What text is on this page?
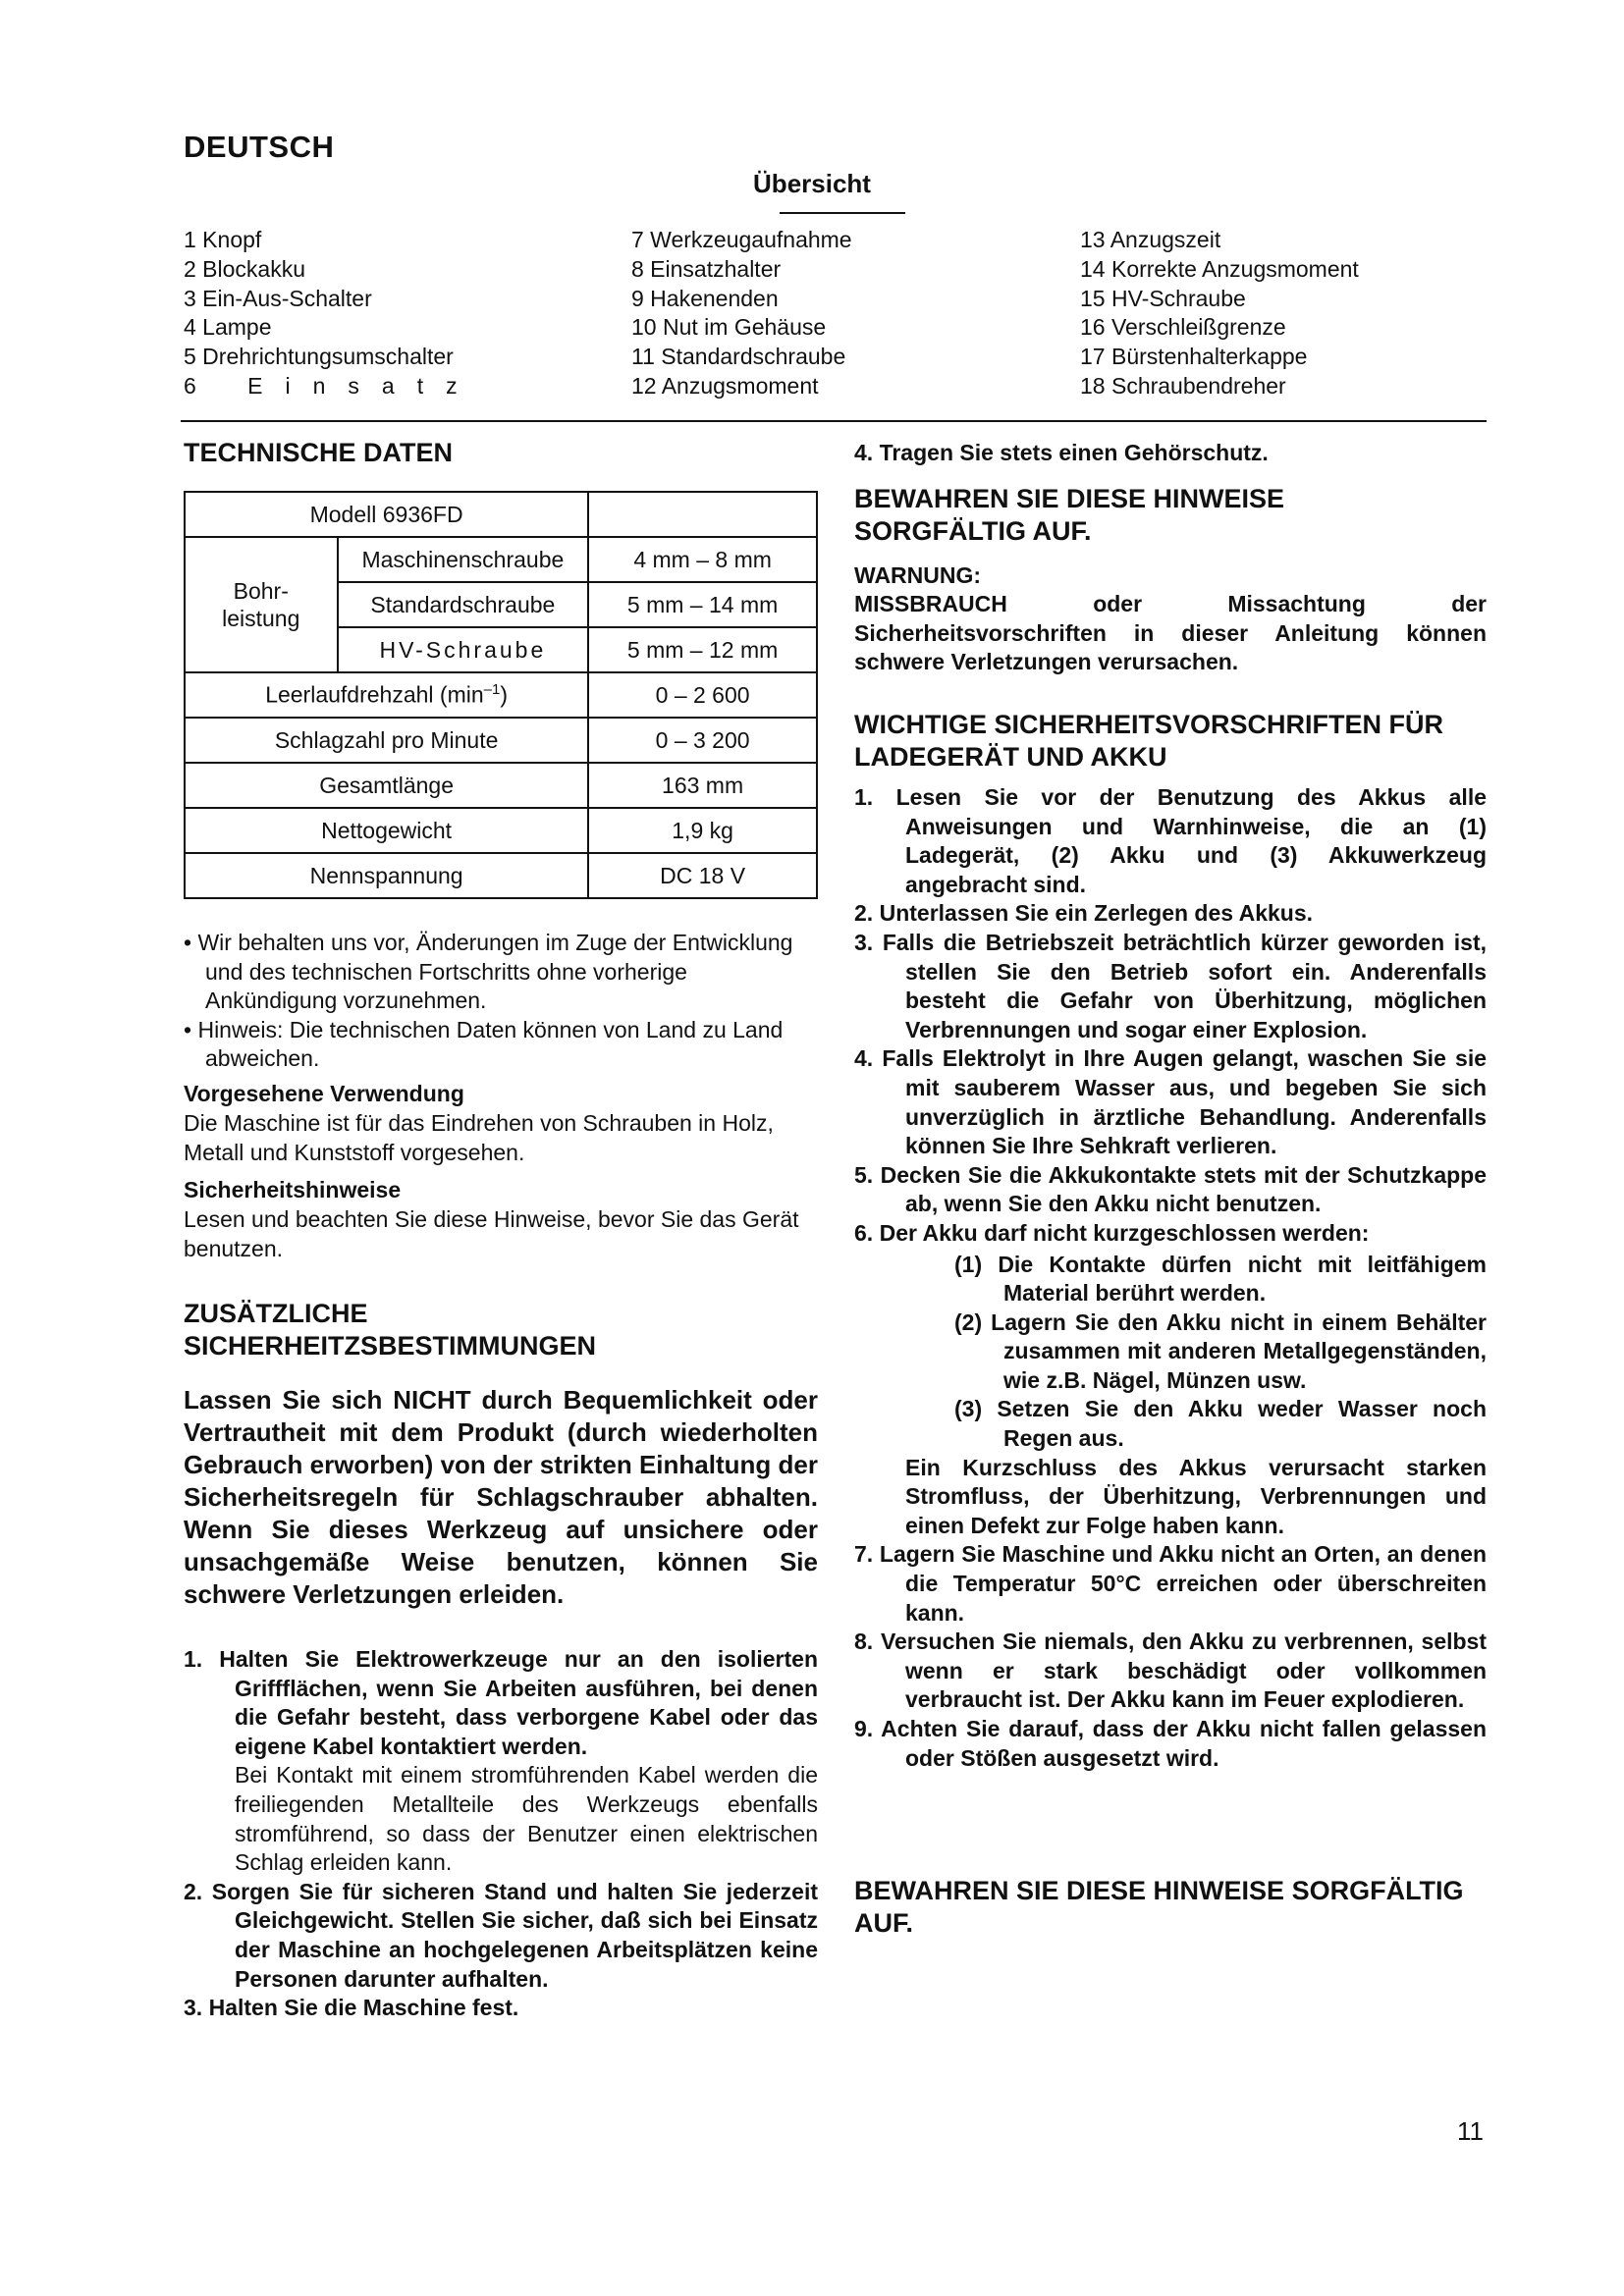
DEUTSCH
Übersicht
1 Knopf
2 Blockakku
3 Ein-Aus-Schalter
4 Lampe
5 Drehrichtungsumschalter
6 Einsatz
7 Werkzeugaufnahme
8 Einsatzhalter
9 Hakenenden
10 Nut im Gehäuse
11 Standardschraube
12 Anzugsmoment
13 Anzugszeit
14 Korrekte Anzugsmoment
15 HV-Schraube
16 Verschleißgrenze
17 Bürstenhalterkappe
18 Schraubendreher
TECHNISCHE DATEN
Modell 6936FD		
Bohr-
leistung	Maschinenschraube	4 mm – 8 mm
	Standardschraube	5 mm – 14 mm
	HV-Schraube	5 mm – 12 mm
Leerlaufdrehzahl $(\min^{-1})$		0 – 2 600
Schlagzahl pro Minute		0 – 3 200
Gesamtlänge		163 mm
Nettogewicht		1,9 kg
Nennspannung		DC 18 V
• Wir behalten uns vor, Änderungen im Zuge der Entwicklung und des technischen Fortschritts ohne vorherige Ankündigung vorzunehmen.
• Hinweis: Die technischen Daten können von Land zu Land abweichen.

Vorgesehene Verwendung

Die Maschine ist für das Eindrehen von Schrauben in Holz, Metall und Kunststoff vorgesehen.

Sicherheitshinweise

Lesen und beachten Sie diese Hinweise, bevor Sie das Gerät benutzen.

ZUSÄTZLICHE
SICHERHEITZSBESTIMMUNGEN

Lassen Sie sich NICHT durch Bequemlichkeit oder Vertrautheit mit dem Produkt (durch wiederholten Gebrauch erworben) von der strikten Einhaltung der Sicherheitsregeln für Schlagschrauber abhalten. Wenn Sie dieses Werkzeug auf unsichere oder unsachgemäße Weise benutzen, können Sie schwere Verletzungen erleiden.

1. Halten Sie Elektrowerkzeuge nur an den isolierten Griffflächen, wenn Sie Arbeiten ausführen, bei denen die Gefahr besteht, dass verborgene Kabel oder das eigene Kabel kontaktiert werden.
Bei Kontakt mit einem stromführenden Kabel werden die freiliegenden Metallteile des Werkzeugs ebenfalls stromführend, so dass der Benutzer einen elektrischen Schlag erleiden kann.
2. Sorgen Sie für sicheren Stand und halten Sie jederzeit Gleichgewicht. Stellen Sie sicher, daß sich bei Einsatz der Maschine an hochgelegenen Arbeitsplätzen keine Personen darunter aufhalten.
3. Halten Sie die Maschine fest.
4. Tragen Sie stets einen Gehörschutz.
BEWAHREN SIE DIESE HINWEISE SORGFÄLTIG AUF.

WARNUNG:

MISSBRAUCH oder Missachtung der Sicherheitsvorschriften in dieser Anleitung können schwere Verletzungen verursachen.

WICHTIGE SICHERHEITSVORSCHRIFTEN FÜR LADEGERÄT UND AKKU
1. Lesen Sie vor der Benutzung des Akkus alle Anweisungen und Warnhinweise, die an (1) Ladegerät, (2) Akku und (3) Akkuwerkzeug angebracht sind.
2. Unterlassen Sie ein Zerlegen des Akkus.
3. Falls die Betriebszeit beträchtlich kürzer geworden ist, stellen Sie den Betrieb sofort ein. Anderenfalls besteht die Gefahr von Überhitzung, möglichen Verbrennungen und sogar einer Explosion.
4. Falls Elektrolyt in Ihre Augen gelangt, waschen Sie sie mit sauberem Wasser aus, und begeben Sie sich unverzüglich in ärztliche Behandlung. Anderenfalls können Sie Ihre Sehkraft verlieren.
5. Decken Sie die Akkukontakte stets mit der Schutzkappe ab, wenn Sie den Akku nicht benutzen.
6. Der Akku darf nicht kurzgeschlossen werden:
(1) Die Kontakte dürfen nicht mit leitfähigem Material berührt werden.
(2) Lagern Sie den Akku nicht in einem Behälter zusammen mit anderen Metallgegenständen, wie z.B. Nägel, Münzen usw.
(3) Setzen Sie den Akku weder Wasser noch Regen aus.
Ein Kurzschluss des Akkus verursacht starken Stromfluss, der Überhitzung, Verbrennungen und einen Defekt zur Folge haben kann.
7. Lagern Sie Maschine und Akku nicht an Orten, an denen die Temperatur 50°C erreichen oder überschreiten kann.
8. Versuchen Sie niemals, den Akku zu verbrennen, selbst wenn er stark beschädigt oder vollkommen verbraucht ist. Der Akku kann im Feuer explodieren.
9. Achten Sie darauf, dass der Akku nicht fallen gelassen oder Stößen ausgesetzt wird.
BEWAHREN SIE DIESE HINWEISE SORGFÄLTIG AUF.
11
